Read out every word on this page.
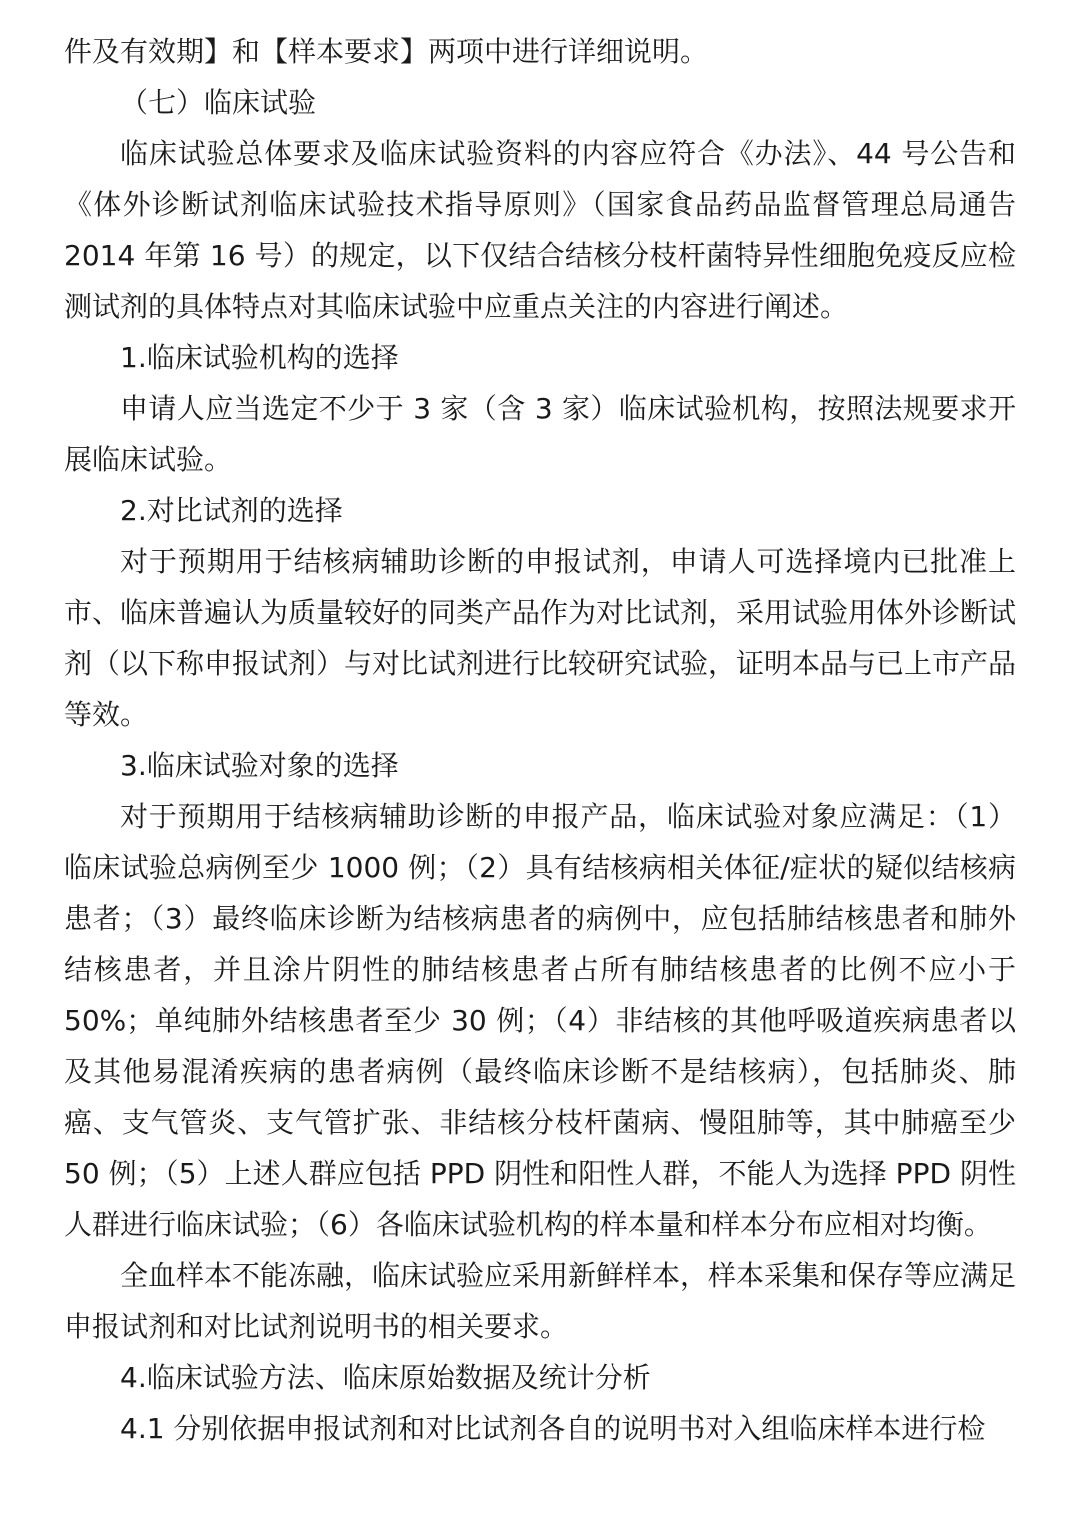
件及有效期】和【样本要求】两项中进行详细说明。

（七）临床试验

临床试验总体要求及临床试验资料的内容应符合《办法》、44 号公告和《体外诊断试剂临床试验技术指导原则》（国家食品药品监督管理总局通告 2014 年第 16 号）的规定，以下仅结合结核分枝杆菌特异性细胞免疫反应检测试剂的具体特点对其临床试验中应重点关注的内容进行阐述。

1.临床试验机构的选择

申请人应当选定不少于 3 家（含 3 家）临床试验机构，按照法规要求开展临床试验。

2.对比试剂的选择

对于预期用于结核病辅助诊断的申报试剂，申请人可选择境内已批准上市、临床普遍认为质量较好的同类产品作为对比试剂，采用试验用体外诊断试剂（以下称申报试剂）与对比试剂进行比较研究试验，证明本品与已上市产品等效。

3.临床试验对象的选择

对于预期用于结核病辅助诊断的申报产品，临床试验对象应满足：（1）临床试验总病例至少 1000 例；（2）具有结核病相关体征/症状的疑似结核病患者；（3）最终临床诊断为结核病患者的病例中，应包括肺结核患者和肺外结核患者，并且涂片阴性的肺结核患者占所有肺结核患者的比例不应小于 50%；单纯肺外结核患者至少 30 例；（4）非结核的其他呼吸道疾病患者以及其他易混淆疾病的患者病例（最终临床诊断不是结核病），包括肺炎、肺癌、支气管炎、支气管扩张、非结核分枝杆菌病、慢阻肺等，其中肺癌至少 50 例；（5）上述人群应包括 PPD 阴性和阳性人群，不能人为选择 PPD 阴性人群进行临床试验；（6）各临床试验机构的样本量和样本分布应相对均衡。

全血样本不能冻融，临床试验应采用新鲜样本，样本采集和保存等应满足申报试剂和对比试剂说明书的相关要求。

4.临床试验方法、临床原始数据及统计分析

4.1 分别依据申报试剂和对比试剂各自的说明书对入组临床样本进行检
